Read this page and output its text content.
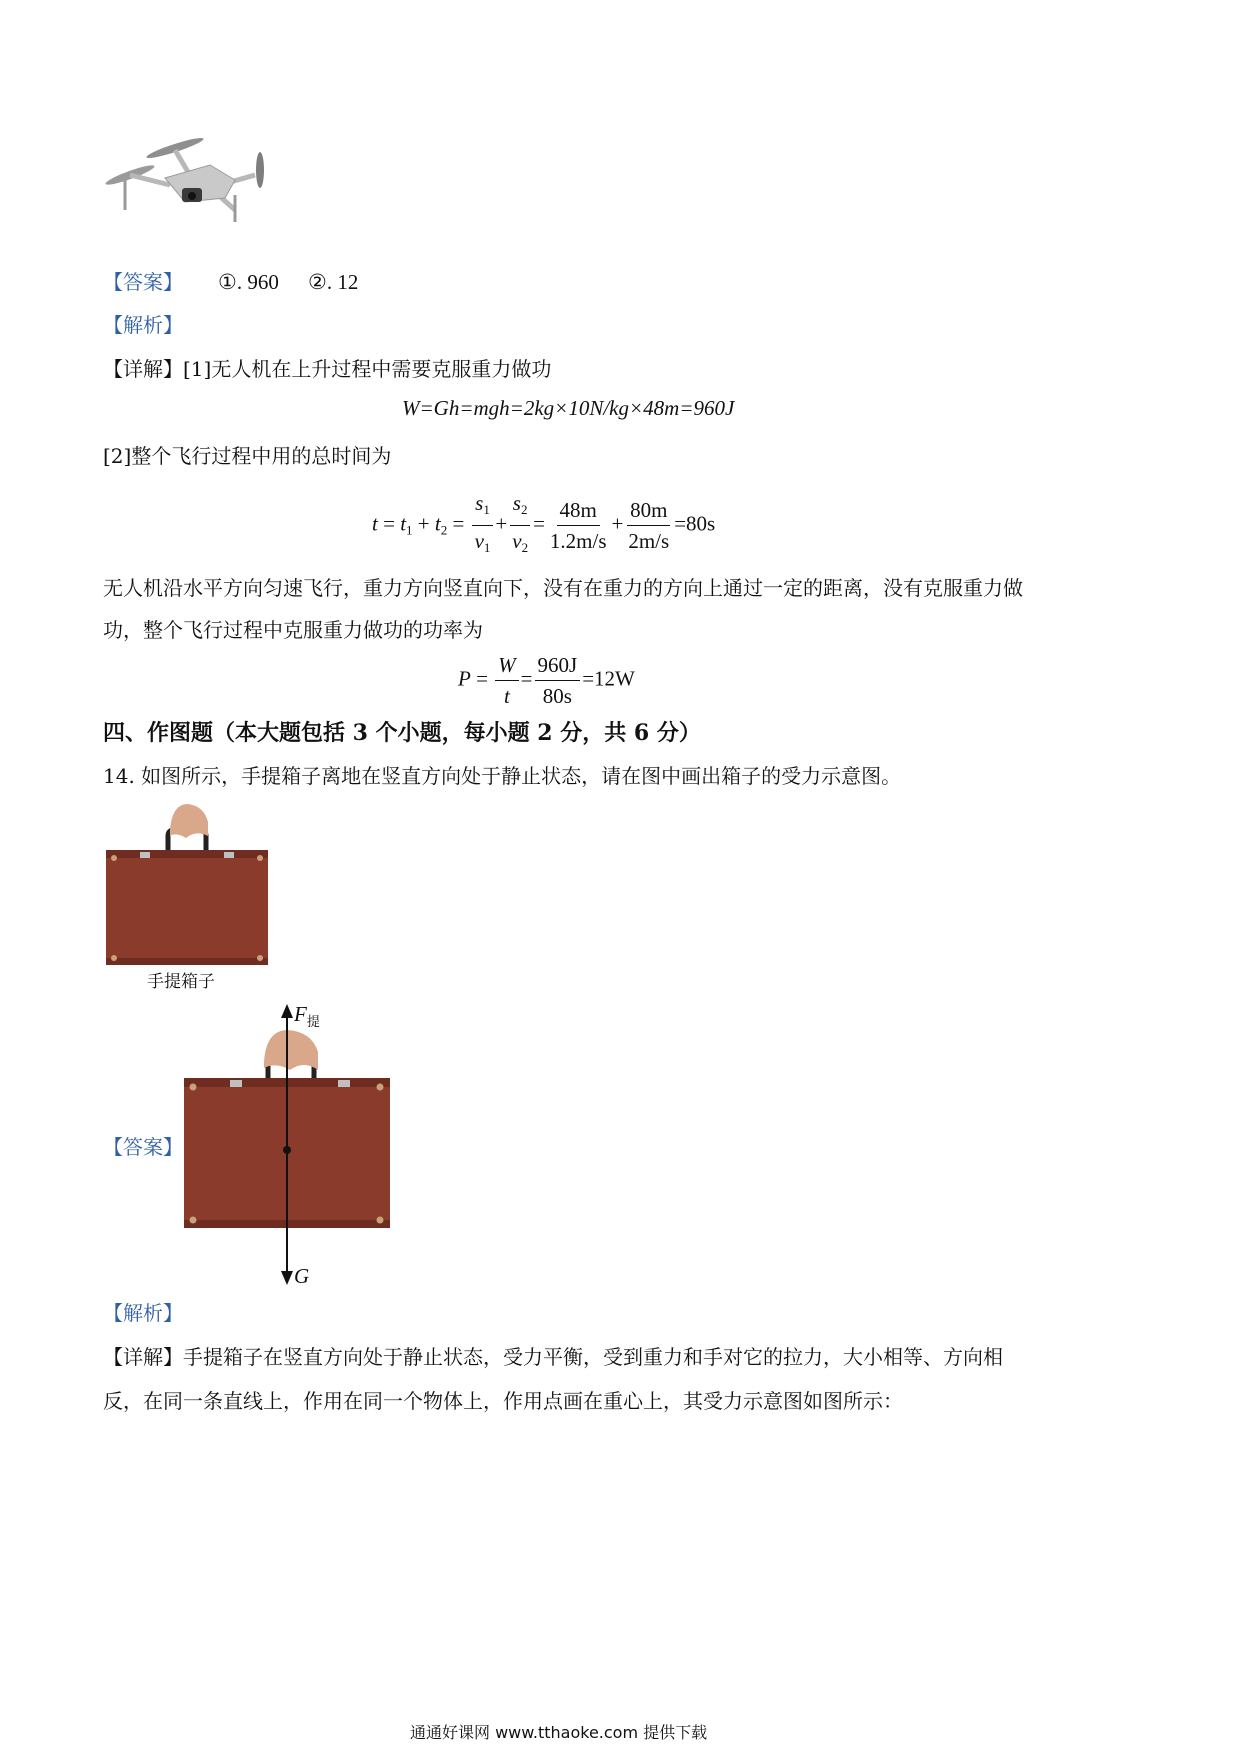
【答案】 ①. 960 ②. 12
【解析】
【详解】[1]无人机在上升过程中需要克服重力做功
W=Gh=mgh=2kg×10N/kg×48m=960J
[2]整个飞行过程中用的总时间为
$t = t_1 + t_2 = \frac{s_1}{v_1} + \frac{s_2}{v_2} = \frac{48m}{1.2m/s} + \frac{80m}{2m/s} =80s$
无人机沿水平方向匀速飞行，重力方向竖直向下，没有在重力的方向上通过一定的距离，没有克服重力做
功，整个飞行过程中克服重力做功的功率为
$P = \frac{W}{t} = \frac{960J}{80s} =12W$
四、作图题（本大题包括 3 个小题，每小题 2 分，共 6 分）
14. 如图所示，手提箱子离地在竖直方向处于静止状态，请在图中画出箱子的受力示意图。
手提箱子
【答案】
$F_提$
G
【解析】
【详解】手提箱子在竖直方向处于静止状态，受力平衡，受到重力和手对它的拉力，大小相等、方向相
反，在同一条直线上，作用在同一个物体上，作用点画在重心上，其受力示意图如图所示：
通通好课网 www.tthaoke.com 提供下载
